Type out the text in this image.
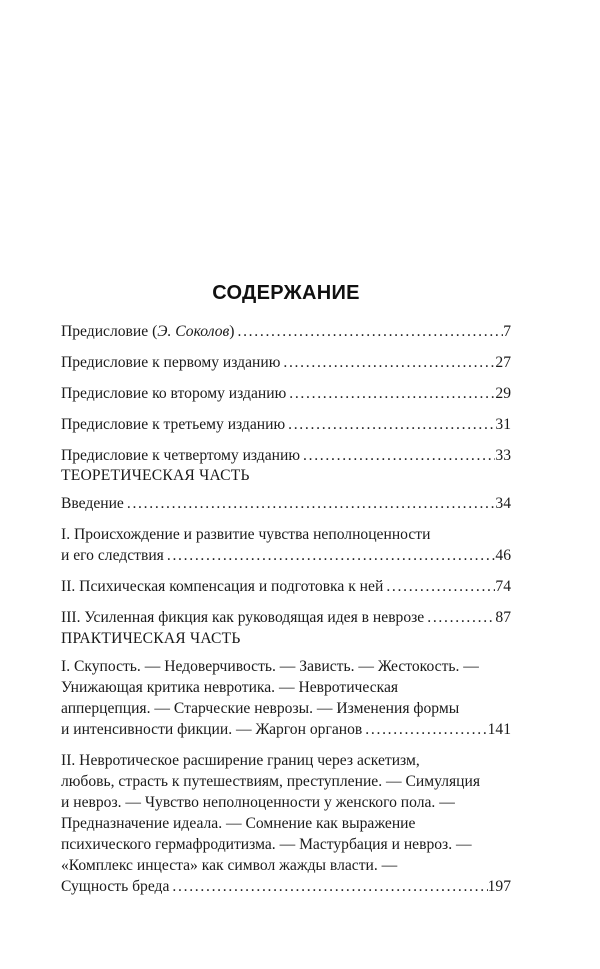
СОДЕРЖАНИЕ
Предисловие (Э. Соколов) . . .	7
Предисловие к первому изданию . . .	27
Предисловие ко второму изданию . . .	29
Предисловие к третьему изданию . . .	31
Предисловие к четвертому изданию . . .	33
ТЕОРЕТИЧЕСКАЯ ЧАСТЬ
Введение . . .	34
I. Происхождение и развитие чувства неполноценности
и его следствия . . .	46
II. Психическая компенсация и подготовка к ней . . .	74
III. Усиленная фикция как руководящая идея в неврозе . . .	87
ПРАКТИЧЕСКАЯ ЧАСТЬ
I. Скупость. — Недоверчивость. — Зависть. — Жестокость. —
Унижающая критика невротика. — Невротическая
апперцепция. — Старческие неврозы. — Изменения формы
и интенсивности фикции. — Жаргон органов . . .	141
II. Невротическое расширение границ через аскетизм,
любовь, страсть к путешествиям, преступление. — Симуляция
и невроз. — Чувство неполноценности у женского пола. —
Предназначение идеала. — Сомнение как выражение
психического гермафродитизма. — Мастурбация и невроз. —
«Комплекс инцеста» как символ жажды власти. —
Сущность бреда . . .	197
